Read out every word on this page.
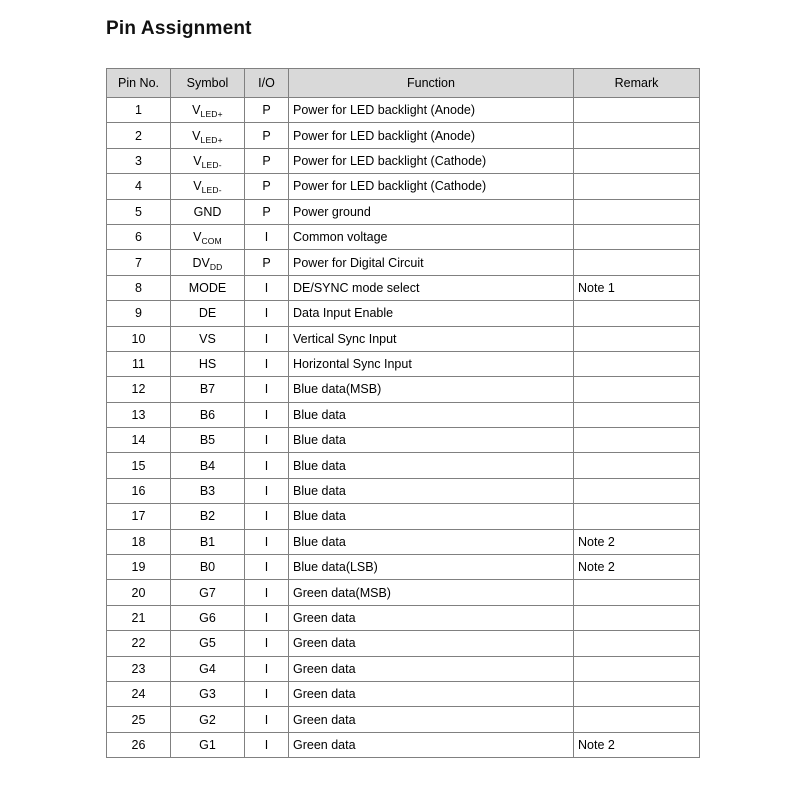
Pin Assignment
Pin No.	Symbol	I/O	Function	Remark
1	$V_{LED+}$	P	Power for LED backlight (Anode)	
2	$V_{LED+}$	P	Power for LED backlight (Anode)	
3	$V_{LED-}$	P	Power for LED backlight (Cathode)	
4	$V_{LED-}$	P	Power for LED backlight (Cathode)	
5	GND	P	Power ground	
6	$V_{COM}$	I	Common voltage	
7	$DV_{DD}$	P	Power for Digital Circuit	
8	MODE	I	DE/SYNC mode select	Note 1
9	DE	I	Data Input Enable	
10	VS	I	Vertical Sync Input	
11	HS	I	Horizontal Sync Input	
12	B7	I	Blue data(MSB)	
13	B6	I	Blue data	
14	B5	I	Blue data	
15	B4	I	Blue data	
16	B3	I	Blue data	
17	B2	I	Blue data	
18	B1	I	Blue data	Note 2
19	B0	I	Blue data(LSB)	Note 2
20	G7	I	Green data(MSB)	
21	G6	I	Green data	
22	G5	I	Green data	
23	G4	I	Green data	
24	G3	I	Green data	
25	G2	I	Green data	
26	G1	I	Green data	Note 2
